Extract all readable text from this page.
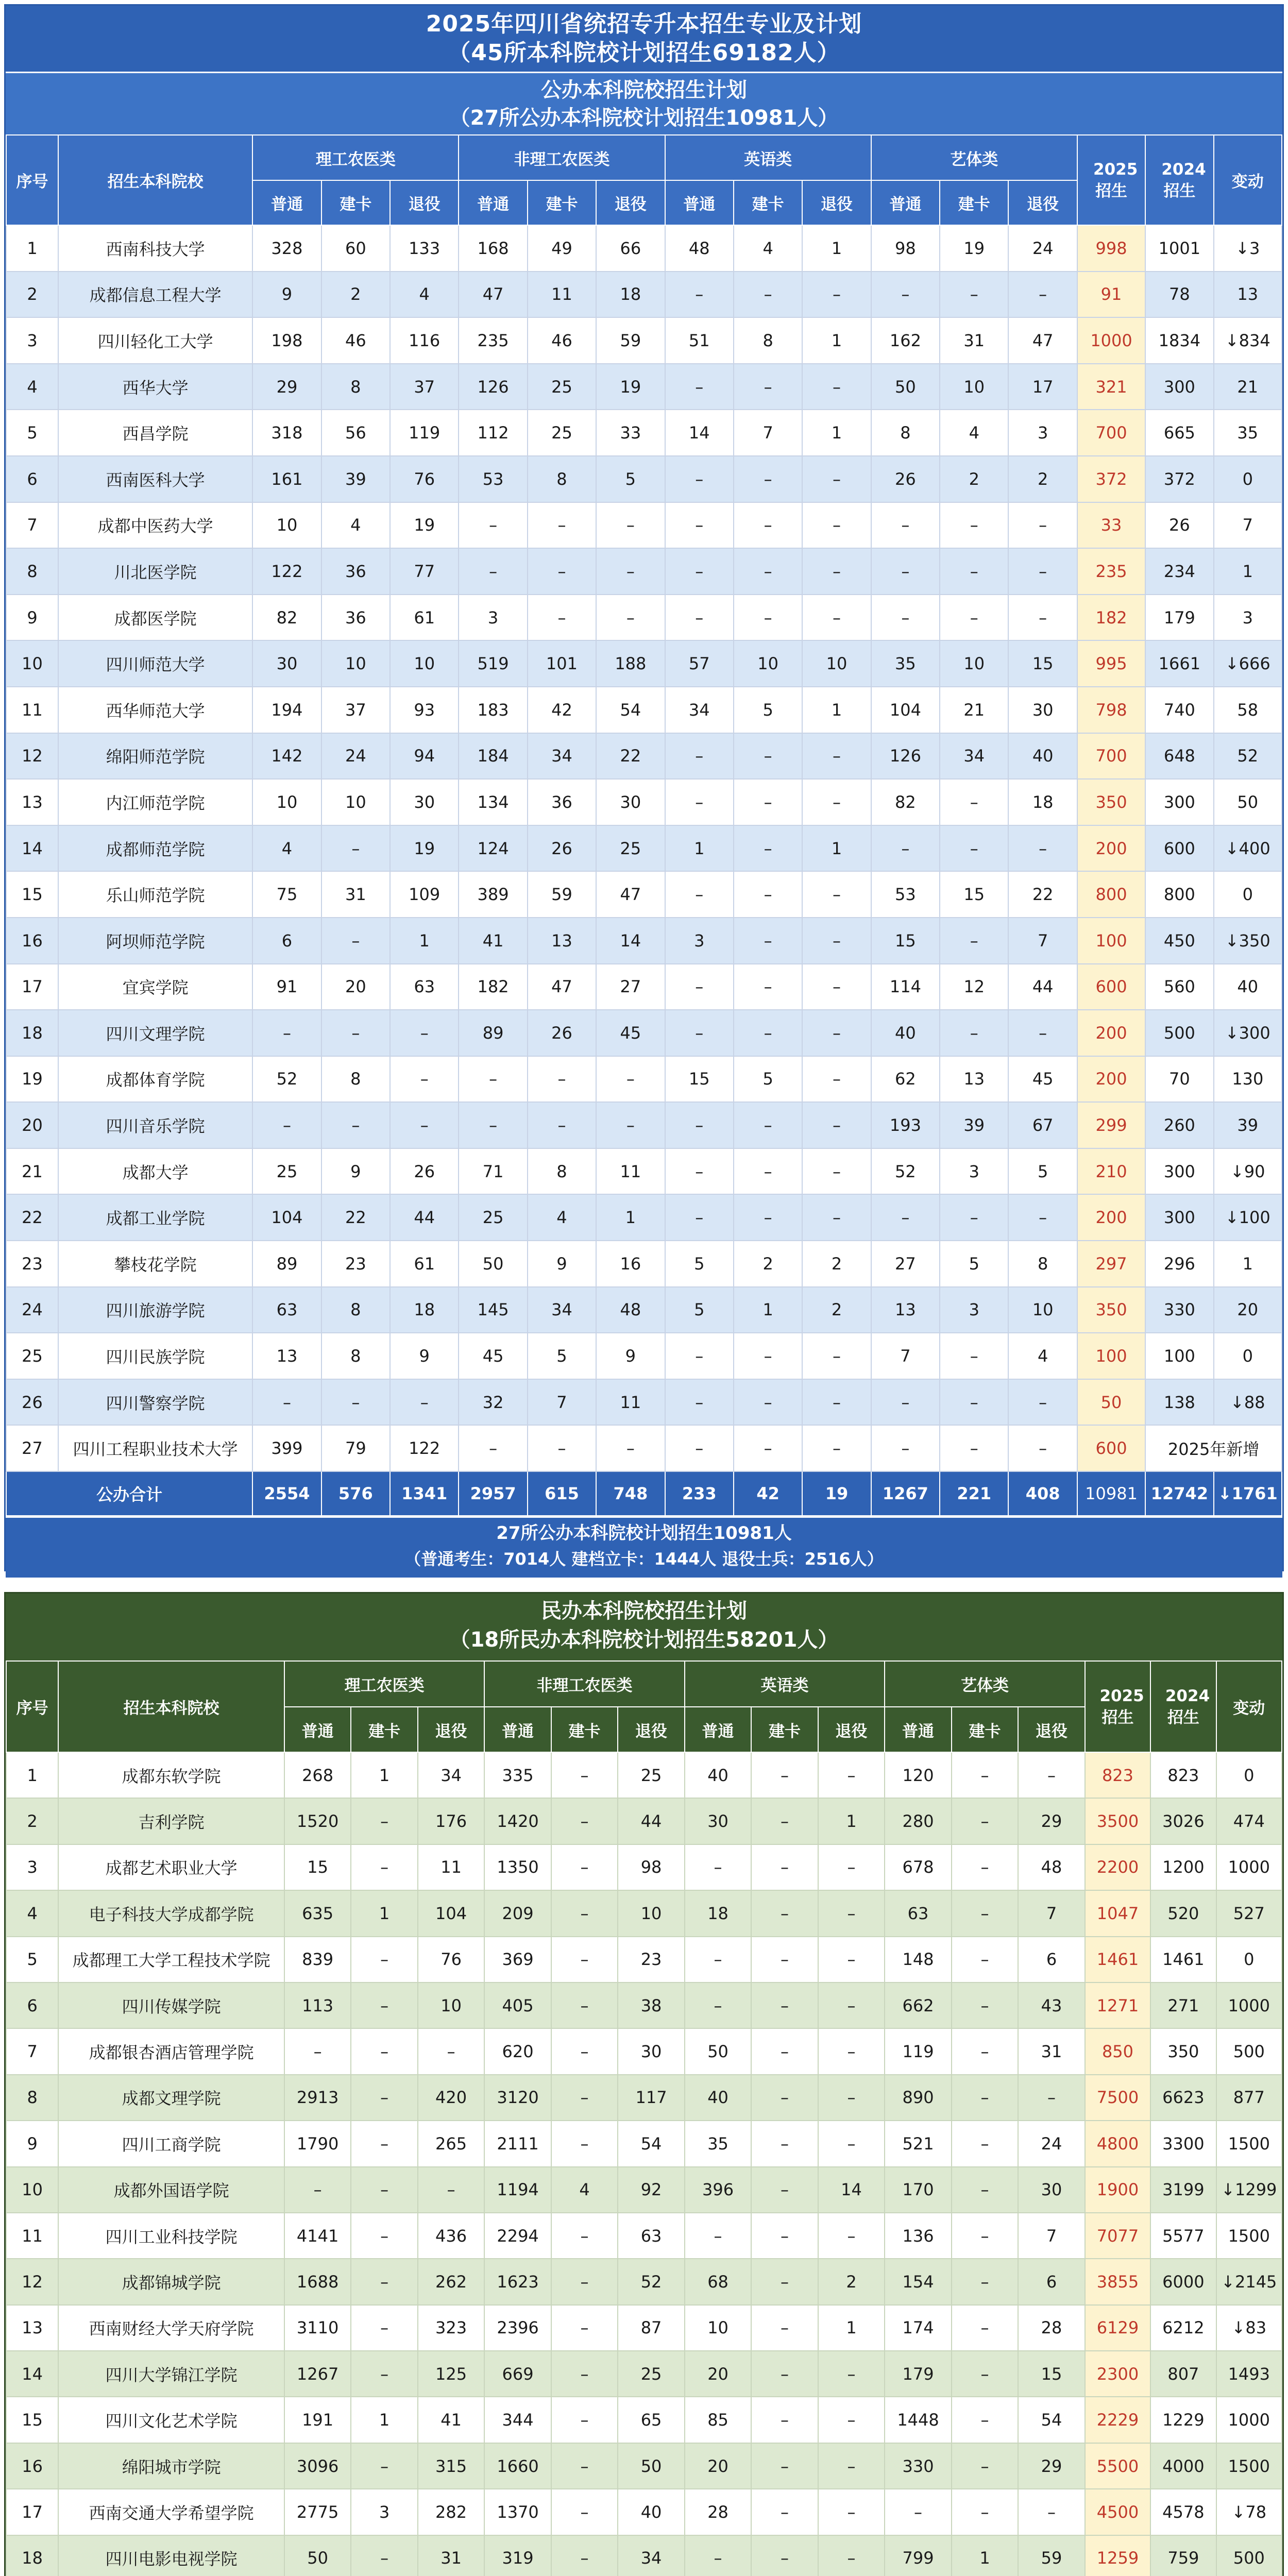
2025年四川省统招专升本招生专业及计划
（45所本科院校计划招生69182人）
公办本科院校招生计划
（27所公办本科院校计划招生10981人）
序号	招生本科院校	理工农医类			非理工农医类			英语类			艺体类			2025招生	2024招生	变动
		普通	建卡	退役	普通	建卡	退役	普通	建卡	退役	普通	建卡	退役			
1	西南科技大学	328	60	133	168	49	66	48	4	1	98	19	24	998	1001	↓3
2	成都信息工程大学	9	2	4	47	11	18	–	–	–	–	–	–	91	78	13
3	四川轻化工大学	198	46	116	235	46	59	51	8	1	162	31	47	1000	1834	↓834
4	西华大学	29	8	37	126	25	19	–	–	–	50	10	17	321	300	21
5	西昌学院	318	56	119	112	25	33	14	7	1	8	4	3	700	665	35
6	西南医科大学	161	39	76	53	8	5	–	–	–	26	2	2	372	372	0
7	成都中医药大学	10	4	19	–	–	–	–	–	–	–	–	–	33	26	7
8	川北医学院	122	36	77	–	–	–	–	–	–	–	–	–	235	234	1
9	成都医学院	82	36	61	3	–	–	–	–	–	–	–	–	182	179	3
10	四川师范大学	30	10	10	519	101	188	57	10	10	35	10	15	995	1661	↓666
11	西华师范大学	194	37	93	183	42	54	34	5	1	104	21	30	798	740	58
12	绵阳师范学院	142	24	94	184	34	22	–	–	–	126	34	40	700	648	52
13	内江师范学院	10	10	30	134	36	30	–	–	–	82	–	18	350	300	50
14	成都师范学院	4	–	19	124	26	25	1	–	1	–	–	–	200	600	↓400
15	乐山师范学院	75	31	109	389	59	47	–	–	–	53	15	22	800	800	0
16	阿坝师范学院	6	–	1	41	13	14	3	–	–	15	–	7	100	450	↓350
17	宜宾学院	91	20	63	182	47	27	–	–	–	114	12	44	600	560	40
18	四川文理学院	–	–	–	89	26	45	–	–	–	40	–	–	200	500	↓300
19	成都体育学院	52	8	–	–	–	–	15	5	–	62	13	45	200	70	130
20	四川音乐学院	–	–	–	–	–	–	–	–	–	193	39	67	299	260	39
21	成都大学	25	9	26	71	8	11	–	–	–	52	3	5	210	300	↓90
22	成都工业学院	104	22	44	25	4	1	–	–	–	–	–	–	200	300	↓100
23	攀枝花学院	89	23	61	50	9	16	5	2	2	27	5	8	297	296	1
24	四川旅游学院	63	8	18	145	34	48	5	1	2	13	3	10	350	330	20
25	四川民族学院	13	8	9	45	5	9	–	–	–	7	–	4	100	100	0
26	四川警察学院	–	–	–	32	7	11	–	–	–	–	–	–	50	138	↓88
27	四川工程职业技术大学	399	79	122	–	–	–	–	–	–	–	–	–	600	2025年新增	
公办合计		2554	576	1341	2957	615	748	233	42	19	1267	221	408	10981	12742	↓1761
27所公办本科院校计划招生10981人
（普通考生：7014人 建档立卡：1444人 退役士兵：2516人）
民办本科院校招生计划
（18所民办本科院校计划招生58201人）
序号	招生本科院校	理工农医类			非理工农医类			英语类			艺体类			2025招生	2024招生	变动
		普通	建卡	退役	普通	建卡	退役	普通	建卡	退役	普通	建卡	退役			
1	成都东软学院	268	1	34	335	–	25	40	–	–	120	–	–	823	823	0
2	吉利学院	1520	–	176	1420	–	44	30	–	1	280	–	29	3500	3026	474
3	成都艺术职业大学	15	–	11	1350	–	98	–	–	–	678	–	48	2200	1200	1000
4	电子科技大学成都学院	635	1	104	209	–	10	18	–	–	63	–	7	1047	520	527
5	成都理工大学工程技术学院	839	–	76	369	–	23	–	–	–	148	–	6	1461	1461	0
6	四川传媒学院	113	–	10	405	–	38	–	–	–	662	–	43	1271	271	1000
7	成都银杏酒店管理学院	–	–	–	620	–	30	50	–	–	119	–	31	850	350	500
8	成都文理学院	2913	–	420	3120	–	117	40	–	–	890	–	–	7500	6623	877
9	四川工商学院	1790	–	265	2111	–	54	35	–	–	521	–	24	4800	3300	1500
10	成都外国语学院	–	–	–	1194	4	92	396	–	14	170	–	30	1900	3199	↓1299
11	四川工业科技学院	4141	–	436	2294	–	63	–	–	–	136	–	7	7077	5577	1500
12	成都锦城学院	1688	–	262	1623	–	52	68	–	2	154	–	6	3855	6000	↓2145
13	西南财经大学天府学院	3110	–	323	2396	–	87	10	–	1	174	–	28	6129	6212	↓83
14	四川大学锦江学院	1267	–	125	669	–	25	20	–	–	179	–	15	2300	807	1493
15	四川文化艺术学院	191	1	41	344	–	65	85	–	–	1448	–	54	2229	1229	1000
16	绵阳城市学院	3096	–	315	1660	–	50	20	–	–	330	–	29	5500	4000	1500
17	西南交通大学希望学院	2775	3	282	1370	–	40	28	–	–	–	–	–	4500	4578	↓78
18	四川电影电视学院	50	–	31	319	–	34	–	–	–	799	1	59	1259	759	500
